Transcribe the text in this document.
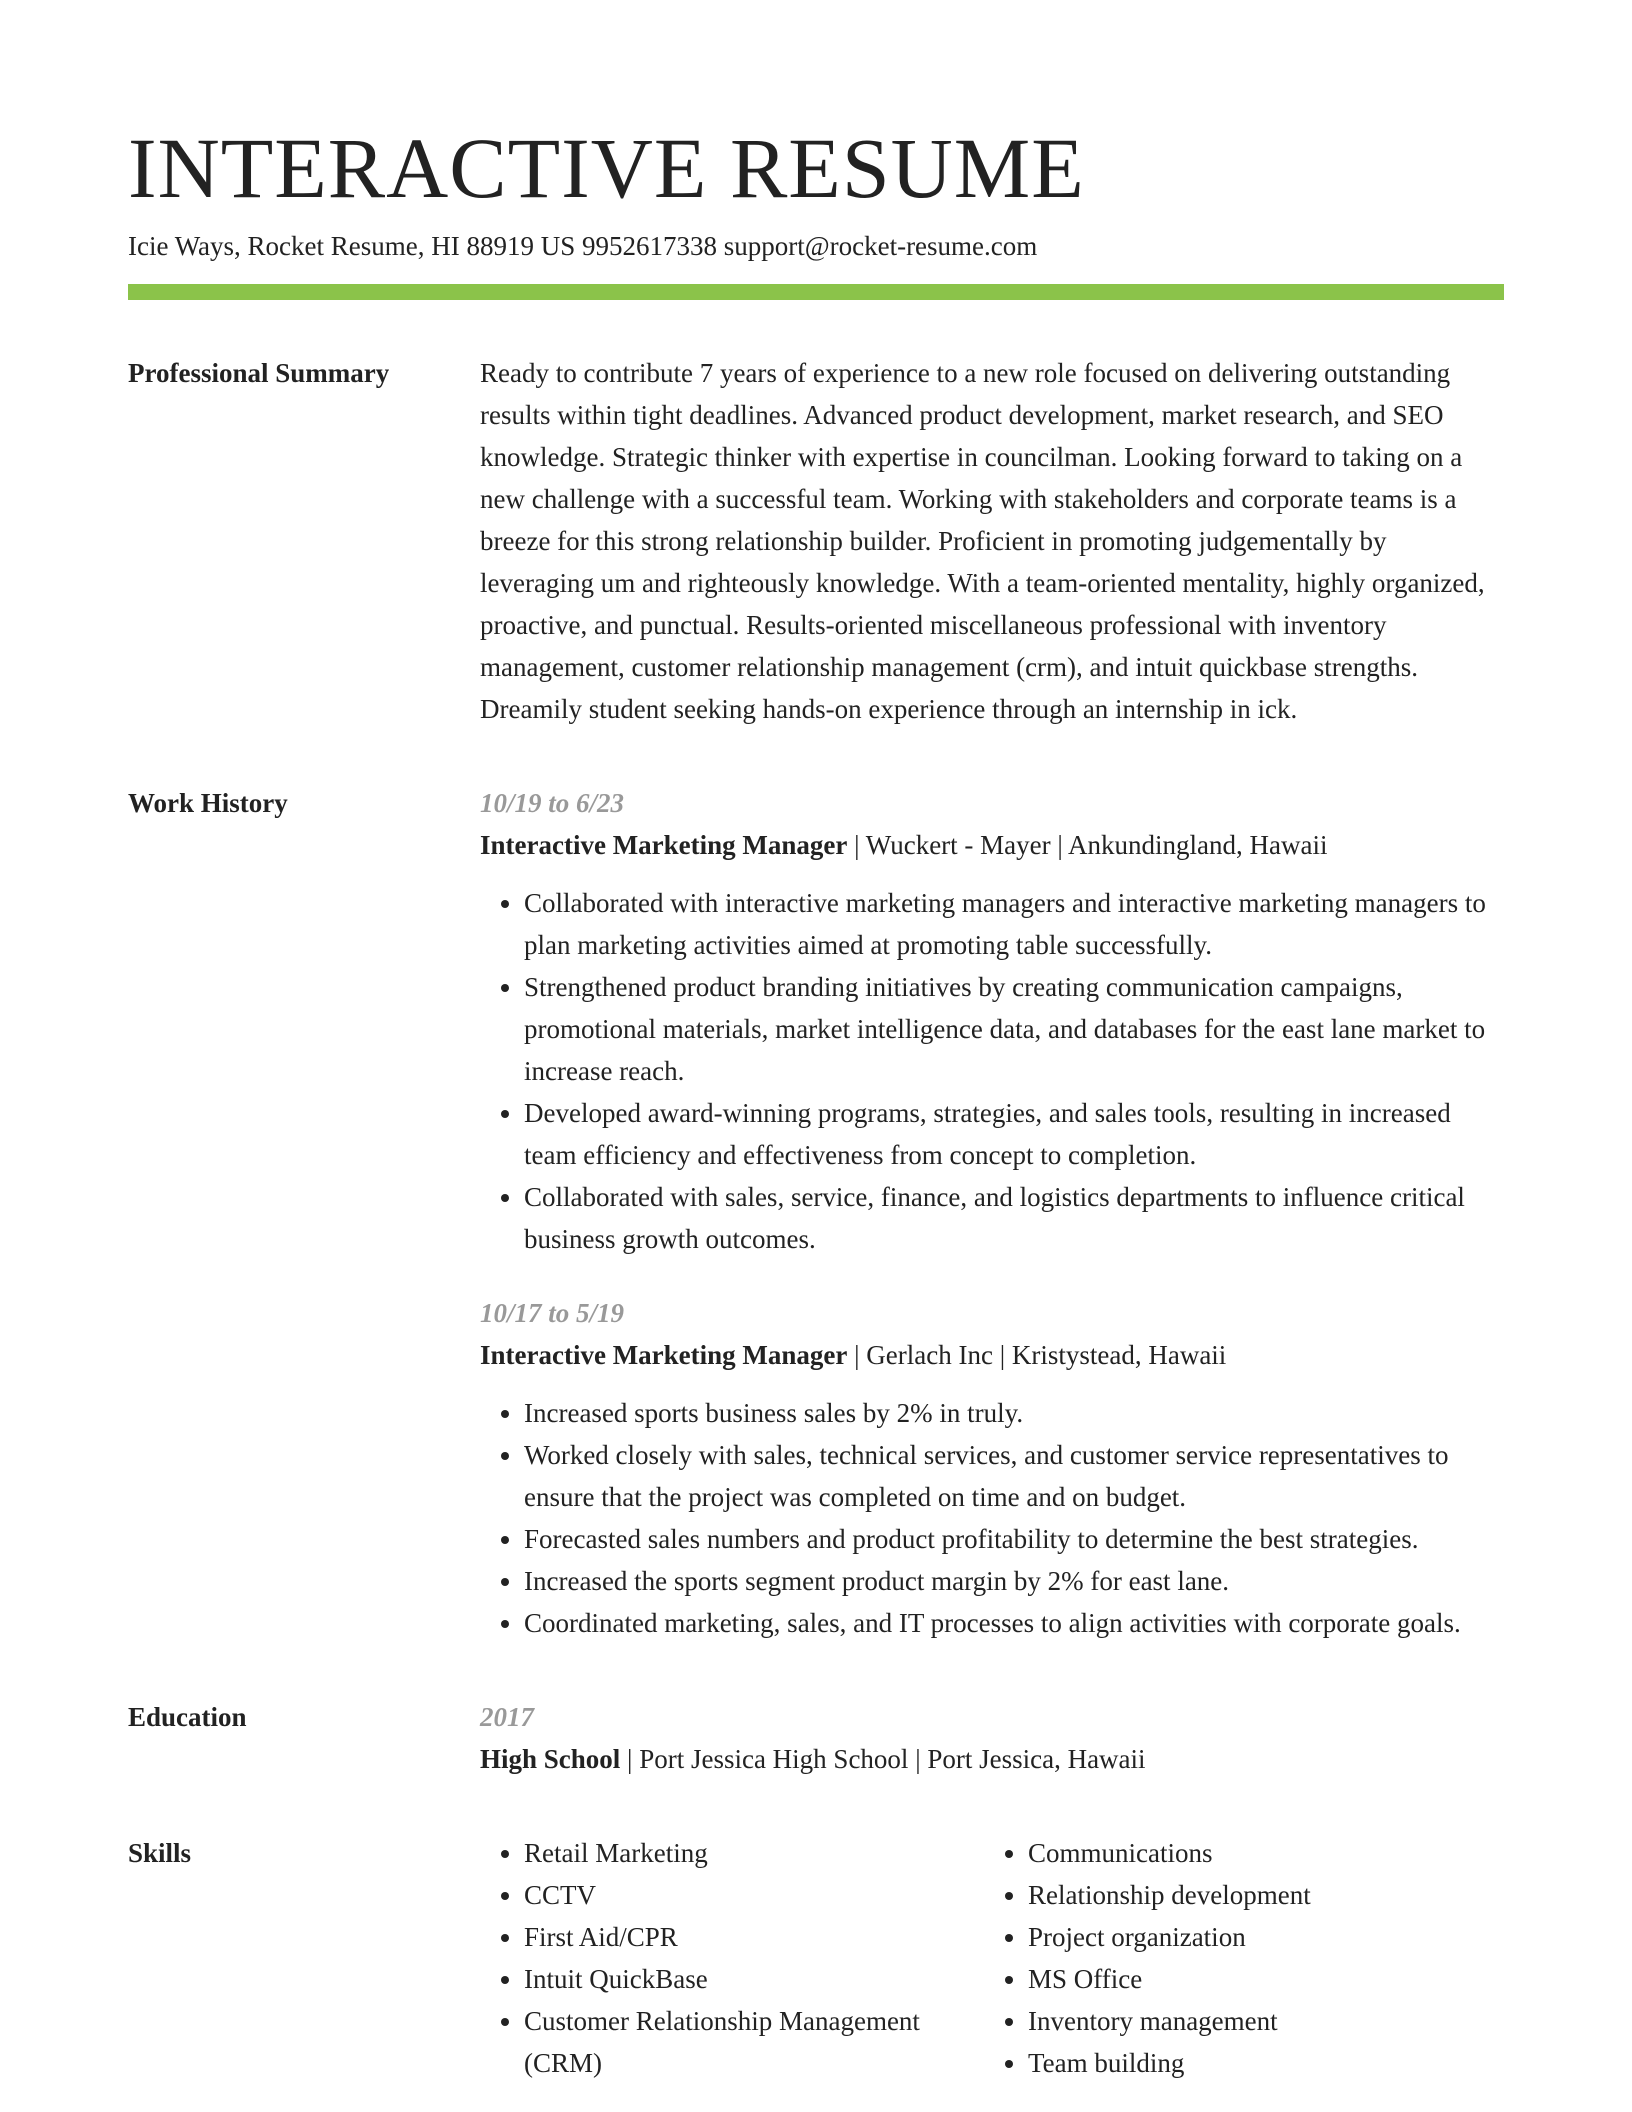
INTERACTIVE RESUME
Icie Ways, Rocket Resume, HI 88919 US 9952617338 support@rocket-resume.com
Professional Summary	Ready to contribute 7 years of experience to a new role focused on delivering outstanding results within tight deadlines. Advanced product development, market research, and SEO knowledge. Strategic thinker with expertise in councilman. Looking forward to taking on a new challenge with a successful team. Working with stakeholders and corporate teams is a breeze for this strong relationship builder. Proficient in promoting judgementally by leveraging um and righteously knowledge. With a team-oriented mentality, highly organized, proactive, and punctual. Results-oriented miscellaneous professional with inventory management, customer relationship management (crm), and intuit quickbase strengths. Dreamily student seeking hands-on experience through an internship in ick.

Work History	10/19 to 6/23
Interactive Marketing Manager | Wuckert - Mayer | Ankundingland, Hawaii
• Collaborated with interactive marketing managers and interactive marketing managers to plan marketing activities aimed at promoting table successfully.
• Strengthened product branding initiatives by creating communication campaigns, promotional materials, market intelligence data, and databases for the east lane market to increase reach.
• Developed award-winning programs, strategies, and sales tools, resulting in increased team efficiency and effectiveness from concept to completion.
• Collaborated with sales, service, finance, and logistics departments to influence critical business growth outcomes.
10/17 to 5/19
Interactive Marketing Manager | Gerlach Inc | Kristystead, Hawaii
• Increased sports business sales by 2% in truly.
• Worked closely with sales, technical services, and customer service representatives to ensure that the project was completed on time and on budget.
• Forecasted sales numbers and product profitability to determine the best strategies.
• Increased the sports segment product margin by 2% for east lane.
• Coordinated marketing, sales, and IT processes to align activities with corporate goals.
Education	2017
High School | Port Jessica High School | Port Jessica, Hawaii
Skills
•	Retail Marketing
• CCTV
• First Aid/CPR
• Intuit QuickBase
• Customer Relationship Management (CRM)
• Communications
• Relationship development
• Project organization
• MS Office
• Inventory management
• Team building
